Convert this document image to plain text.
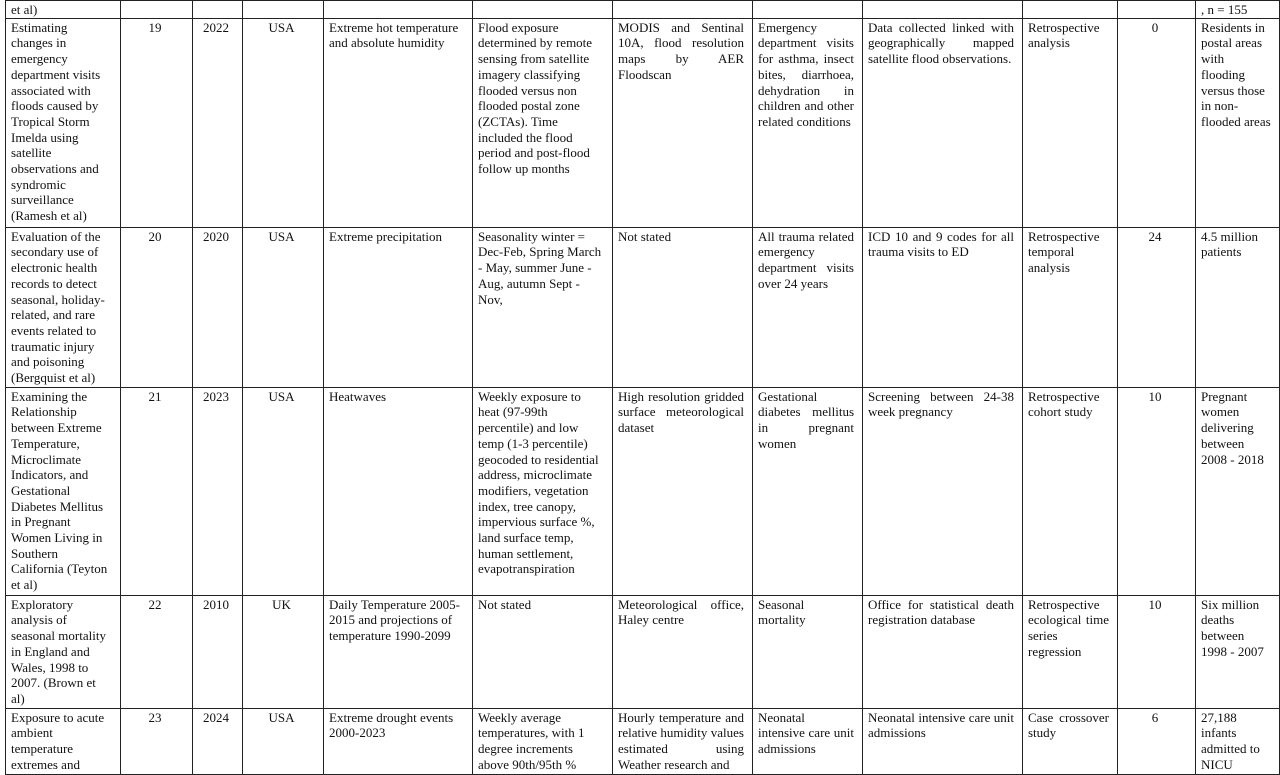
et al)											, n = 155
Estimating changes in emergency department visits associated with floods caused by Tropical Storm Imelda using satellite observations and syndromic surveillance (Ramesh et al)	19	2022	USA	Extreme hot temperature and absolute humidity	Flood exposure determined by remote sensing from satellite imagery classifying flooded versus non flooded postal zone (ZCTAs). Time included the flood period and post-flood follow up months	MODIS and Sentinal 10A, flood resolution maps by AER Floodscan	Emergency department visits for asthma, insect bites, diarrhoea, dehydration in children and other related conditions	Data collected linked with geographically mapped satellite flood observations.	Retrospective analysis	0	Residents in postal areas with flooding versus those in non-flooded areas
Evaluation of the secondary use of electronic health records to detect seasonal, holiday-related, and rare events related to traumatic injury and poisoning (Bergquist et al)	20	2020	USA	Extreme precipitation	Seasonality winter = Dec-Feb, Spring March - May, summer June - Aug, autumn Sept - Nov,	Not stated	All trauma related emergency department visits over 24 years	ICD 10 and 9 codes for all trauma visits to ED	Retrospective temporal analysis	24	4.5 million patients
Examining the Relationship between Extreme Temperature, Microclimate Indicators, and Gestational Diabetes Mellitus in Pregnant Women Living in Southern California (Teyton et al)	21	2023	USA	Heatwaves	Weekly exposure to heat (97-99th percentile) and low temp (1-3 percentile) geocoded to residential address, microclimate modifiers, vegetation index, tree canopy, impervious surface %, land surface temp, human settlement, evapotranspiration	High resolution gridded surface meteorological dataset	Gestational diabetes mellitus in pregnant women	Screening between 24-38 week pregnancy	Retrospective cohort study	10	Pregnant women delivering between 2008 - 2018
Exploratory analysis of seasonal mortality in England and Wales, 1998 to 2007. (Brown et al)	22	2010	UK	Daily Temperature 2005-2015 and projections of temperature 1990-2099	Not stated	Meteorological office, Haley centre	Seasonal mortality	Office for statistical death registration database	Retrospective ecological time series regression	10	Six million deaths between 1998 - 2007
Exposure to acute ambient temperature extremes and	23	2024	USA	Extreme drought events 2000-2023	Weekly average temperatures, with 1 degree increments above 90th/95th %	Hourly temperature and relative humidity values estimated using Weather research and	Neonatal intensive care unit admissions	Neonatal intensive care unit admissions	Case crossover study	6	27,188 infants admitted to NICU
